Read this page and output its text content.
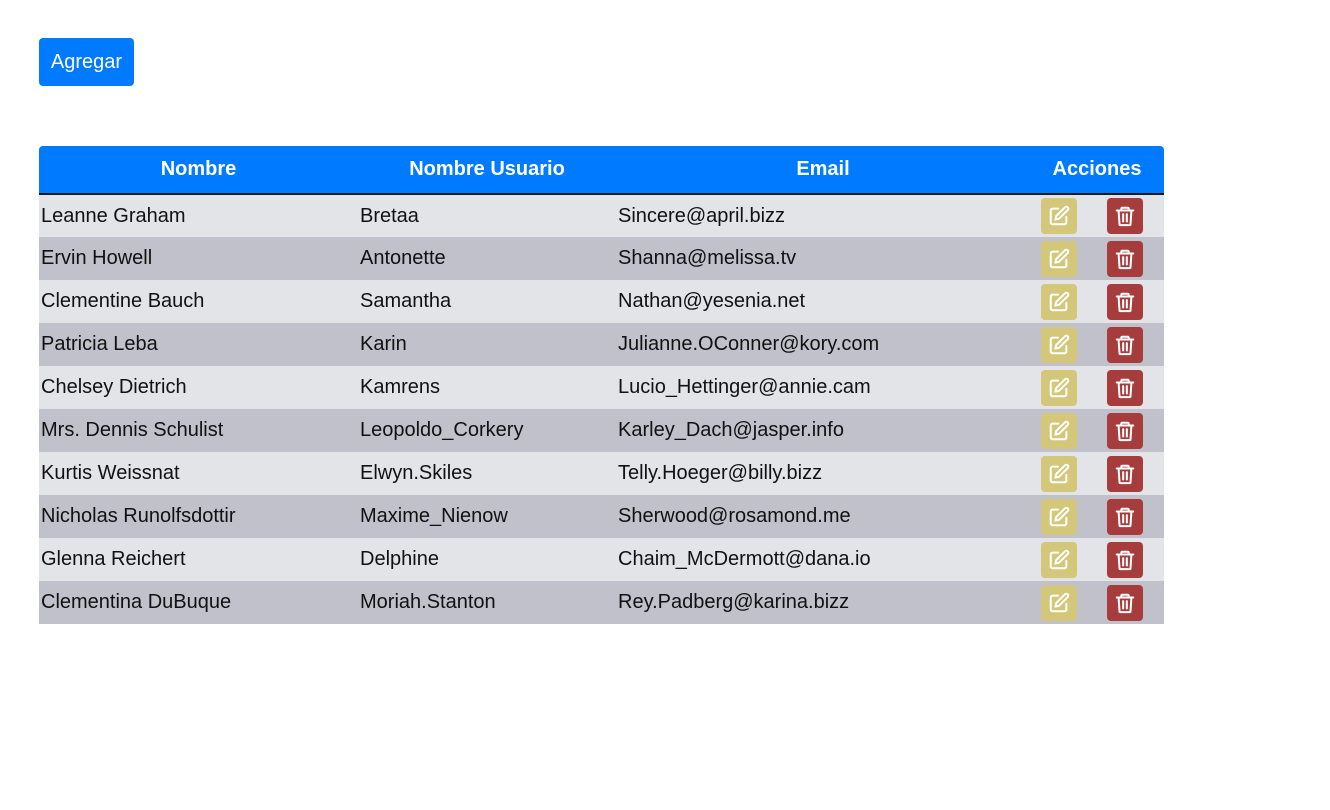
Agregar
Nombre	Nombre Usuario	Email	Acciones
Leanne Graham	Bretaa	Sincere@april.bizz	

Ervin Howell	Antonette	Shanna@melissa.tv	

Clementine Bauch	Samantha	Nathan@yesenia.net	

Patricia Leba	Karin	Julianne.OConner@kory.com	

Chelsey Dietrich	Kamrens	Lucio_Hettinger@annie.cam	

Mrs. Dennis Schulist	Leopoldo_Corkery	Karley_Dach@jasper.info	

Kurtis Weissnat	Elwyn.Skiles	Telly.Hoeger@billy.bizz	

Nicholas Runolfsdottir	Maxime_Nienow	Sherwood@rosamond.me	

Glenna Reichert	Delphine	Chaim_McDermott@dana.io	

Clementina DuBuque	Moriah.Stanton	Rey.Padberg@karina.bizz	
